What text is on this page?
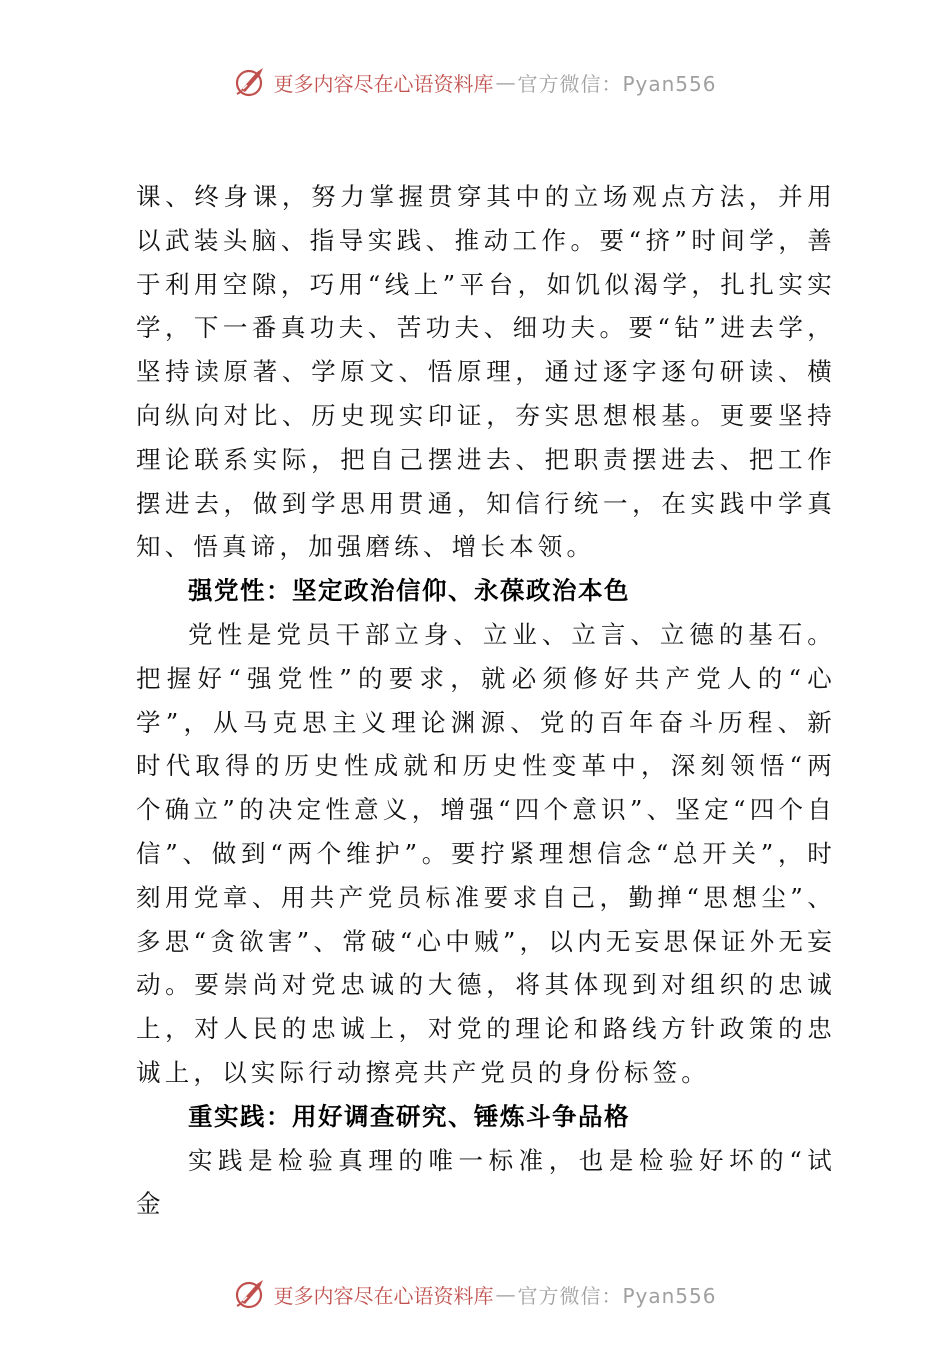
更多内容尽在心语资料库 — 官方微信：Pyan556

课、终身课，努力掌握贯穿其中的立场观点方法，并用以武装头脑、指导实践、推动工作。要“挤”时间学，善于利用空隙，巧用“线上”平台，如饥似渴学，扎扎实实学，下一番真功夫、苦功夫、细功夫。要“钻”进去学，坚持读原著、学原文、悟原理，通过逐字逐句研读、横向纵向对比、历史现实印证，夯实思想根基。更要坚持理论联系实际，把自己摆进去、把职责摆进去、把工作摆进去，做到学思用贯通，知信行统一，在实践中学真知、悟真谛，加强磨练、增长本领。

强党性：坚定政治信仰、永葆政治本色

党性是党员干部立身、立业、立言、立德的基石。把握好“强党性”的要求，就必须修好共产党人的“心学”，从马克思主义理论渊源、党的百年奋斗历程、新时代取得的历史性成就和历史性变革中，深刻领悟“两个确立”的决定性意义，增强“四个意识”、坚定“四个自信”、做到“两个维护”。要拧紧理想信念“总开关”，时刻用党章、用共产党员标准要求自己，勤掸“思想尘”、多思“贪欲害”、常破“心中贼”，以内无妄思保证外无妄动。要崇尚对党忠诚的大德，将其体现到对组织的忠诚上，对人民的忠诚上，对党的理论和路线方针政策的忠诚上，以实际行动擦亮共产党员的身份标签。

重实践：用好调查研究、锤炼斗争品格

实践是检验真理的唯一标准，也是检验好坏的“试金

更多内容尽在心语资料库 — 官方微信：Pyan556
